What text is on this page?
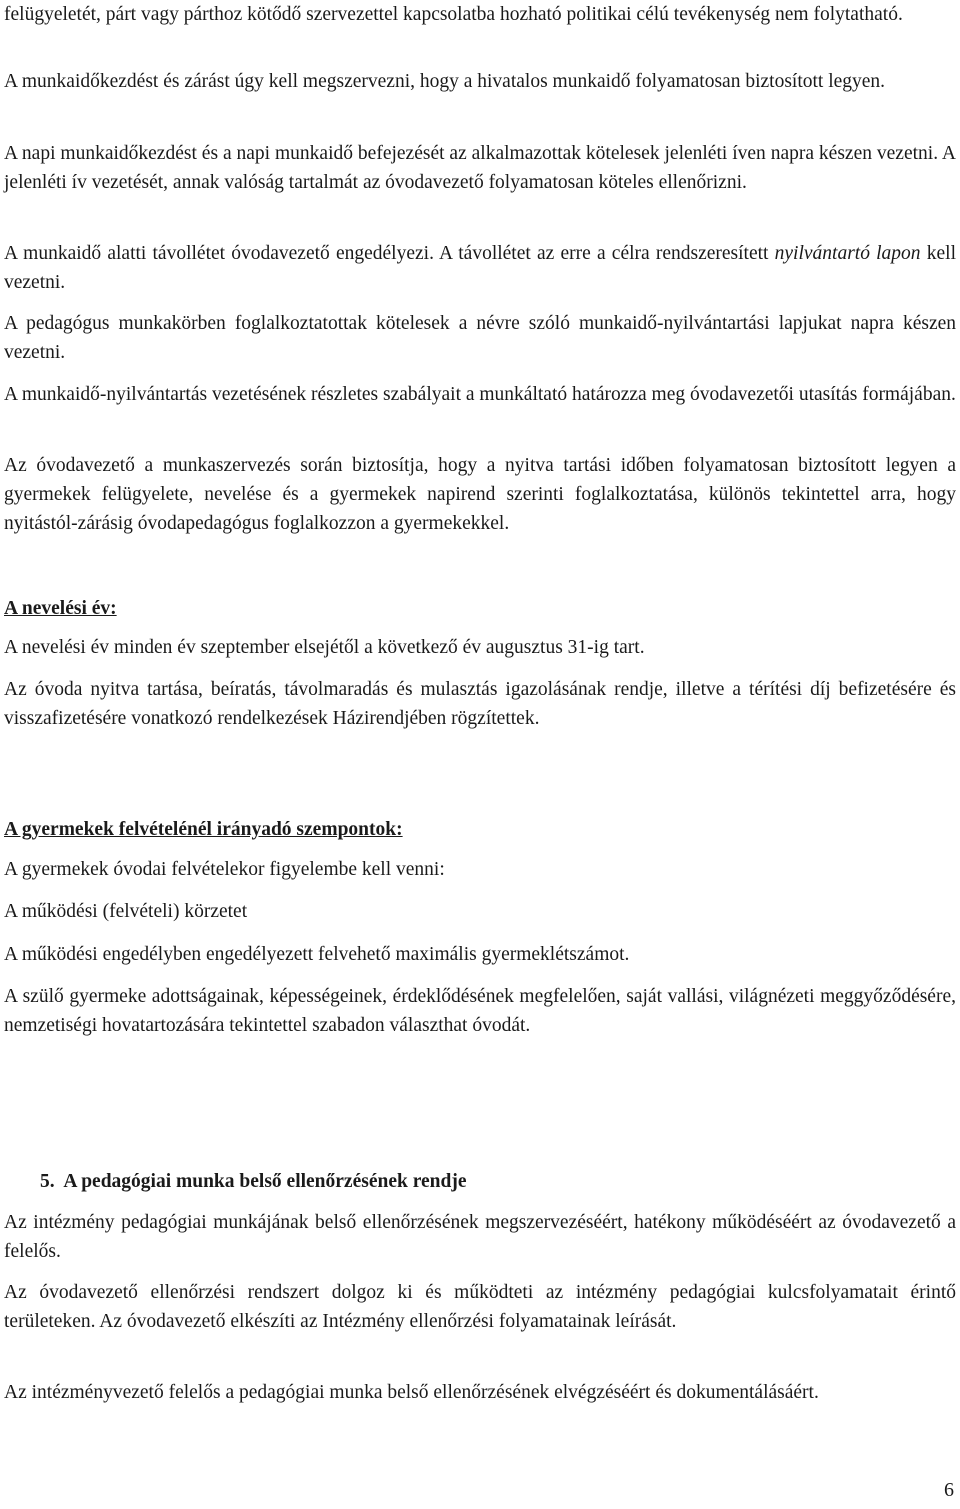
felügyeletét, párt vagy párthoz kötődő szervezettel kapcsolatba hozható politikai célú tevékenység nem folytatható.
A munkaidőkezdést és zárást úgy kell megszervezni, hogy a hivatalos munkaidő folyamatosan biztosított legyen.
A napi munkaidőkezdést és a napi munkaidő befejezését az alkalmazottak kötelesek jelenléti íven napra készen vezetni. A jelenléti ív vezetését, annak valóság tartalmát az óvodavezető folyamatosan köteles ellenőrizni.
A munkaidő alatti távollétet óvodavezető engedélyezi. A távollétet az erre a célra rendszeresített nyilvántartó lapon kell vezetni.
A pedagógus munkakörben foglalkoztatottak kötelesek a névre szóló munkaidő-nyilvántartási lapjukat napra készen vezetni.
A munkaidő-nyilvántartás vezetésének részletes szabályait a munkáltató határozza meg óvodavezetői utasítás formájában.
Az óvodavezető a munkaszervezés során biztosítja, hogy a nyitva tartási időben folyamatosan biztosított legyen a gyermekek felügyelete, nevelése és a gyermekek napirend szerinti foglalkoztatása, különös tekintettel arra, hogy nyitástól-zárásig óvodapedagógus foglalkozzon a gyermekekkel.
A nevelési év:
A nevelési év minden év szeptember elsejétől a következő év augusztus 31-ig tart.
Az óvoda nyitva tartása, beíratás, távolmaradás és mulasztás igazolásának rendje, illetve a térítési díj befizetésére és visszafizetésére vonatkozó rendelkezések Házirendjében rögzítettek.
A gyermekek felvételénél irányadó szempontok:
A gyermekek óvodai felvételekor figyelembe kell venni:
A működési (felvételi) körzetet
A működési engedélyben engedélyezett felvehető maximális gyermeklétszámot.
A szülő gyermeke adottságainak, képességeinek, érdeklődésének megfelelően, saját vallási, világnézeti meggyőződésére, nemzetiségi hovatartozására tekintettel szabadon választhat óvodát.
5. A pedagógiai munka belső ellenőrzésének rendje
Az intézmény pedagógiai munkájának belső ellenőrzésének megszervezéséért, hatékony működéséért az óvodavezető a felelős.
Az óvodavezető ellenőrzési rendszert dolgoz ki és működteti az intézmény pedagógiai kulcsfolyamatait érintő területeken. Az óvodavezető elkészíti az Intézmény ellenőrzési folyamatainak leírását.
Az intézményvezető felelős a pedagógiai munka belső ellenőrzésének elvégzéséért és dokumentálásáért.
6
